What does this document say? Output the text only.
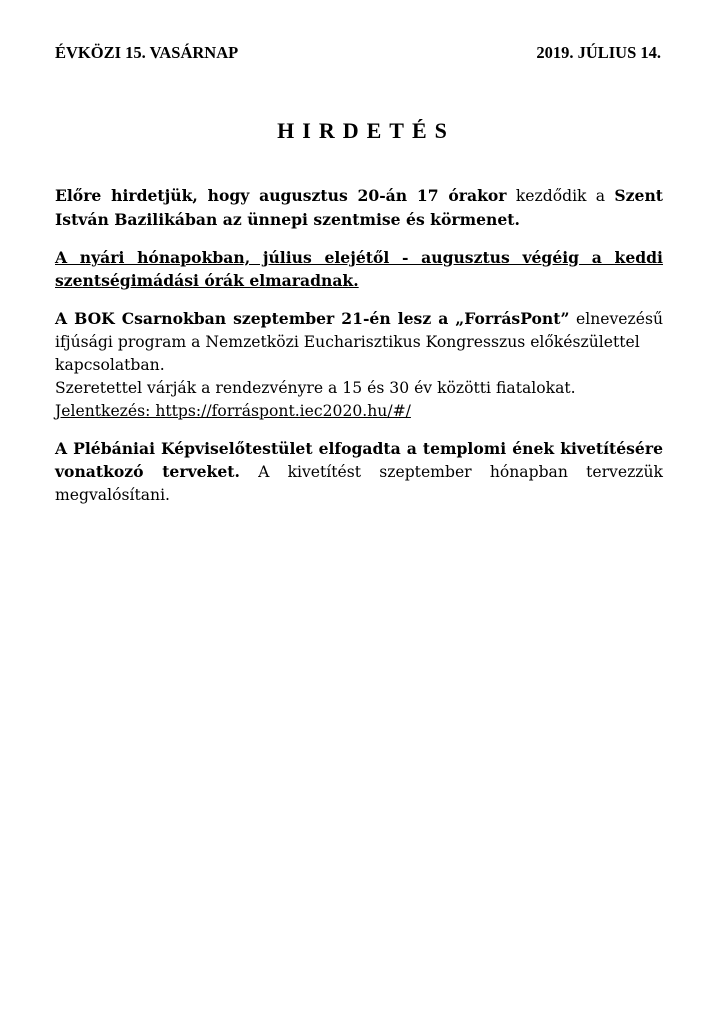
ÉVKÖZI 15. VASÁRNAP	2019. JÚLIUS 14.
HIRDETÉS
Előre hirdetjük, hogy augusztus 20-án 17 órakor kezdődik a Szent
István Bazilikában az ünnepi szentmise és körmenet.
A nyári hónapokban, július elejétől - augusztus végéig a keddi
szentségimádási órák elmaradnak.
A BOK Csarnokban szeptember 21-én lesz a „ForrásPont” elnevezésű
ifjúsági program a Nemzetközi Eucharisztikus Kongresszus előkészülettel
kapcsolatban.
Szeretettel várják a rendezvényre a 15 és 30 év közötti fiatalokat.
Jelentkezés: https://forráspont.iec2020.hu/#/
A Plébániai Képviselőtestület elfogadta a templomi ének kivetítésére
vonatkozó terveket. A kivetítést szeptember hónapban tervezzük
megvalósítani.
